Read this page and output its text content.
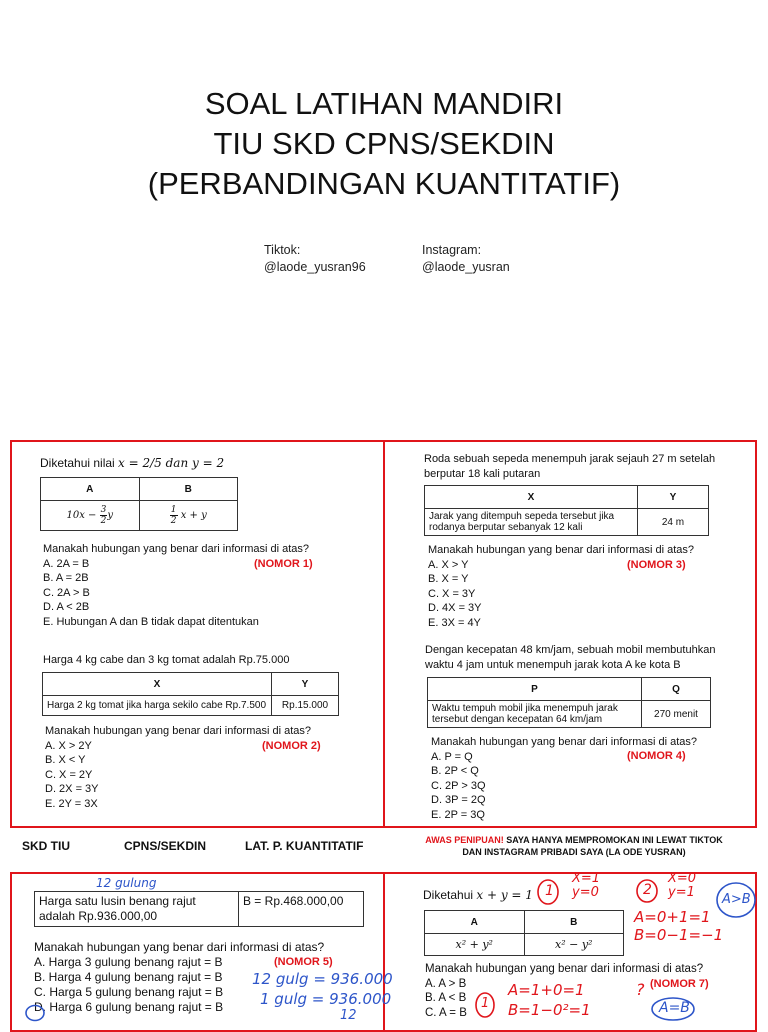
SOAL LATIHAN MANDIRI
TIU SKD CPNS/SEKDIN
(PERBANDINGAN KUANTITATIF)
Tiktok:
@laode_yusran96
Instagram:
@laode_yusran
Diketahui nilai x = 2/5 dan y = 2
A	B
$10x - \frac{3}{2}$ y	$\frac{1}{2}$ x + y
Manakah hubungan yang benar dari informasi di atas?
A. 2A = B
B. A = 2B
C. 2A > B
D. A < 2B
E. Hubungan A dan B tidak dapat ditentukan
(NOMOR 1)
Harga 4 kg cabe dan 3 kg tomat adalah Rp.75.000
X	Y
Harga 2 kg tomat jika harga sekilo cabe Rp.7.500	Rp.15.000
Manakah hubungan yang benar dari informasi di atas?
A. X > 2Y
B. X < Y
C. X = 2Y
D. 2X = 3Y
E. 2Y = 3X
(NOMOR 2)
Roda sebuah sepeda menempuh jarak sejauh 27 m setelah
berputar 18 kali putaran
X	Y

Jarak yang ditempuh sepeda tersebut jika
rodanya berputar sebanyak 12 kali	24 m
Manakah hubungan yang benar dari informasi di atas?
A. X > Y
B. X = Y
C. X = 3Y
D. 4X = 3Y
E. 3X = 4Y
(NOMOR 3)
Dengan kecepatan 48 km/jam, sebuah mobil membutuhkan
waktu 4 jam untuk menempuh jarak kota A ke kota B
P	Q

Waktu tempuh mobil jika menempuh jarak
tersebut dengan kecepatan 64 km/jam	270 menit
Manakah hubungan yang benar dari informasi di atas?
A. P = Q
B. 2P < Q
C. 2P > 3Q
D. 3P = 2Q
E. 2P = 3Q
(NOMOR 4)
SKD TIU	CPNS/SEKDIN	LAT. P. KUANTITATIF	AWAS PENIPUAN! SAYA HANYA MEMPROMOKAN INI LEWAT TIKTOK
DAN INSTAGRAM PRIBADI SAYA (LA ODE YUSRAN)
Harga satu lusin benang rajut
adalah Rp.936.000,00
	B = Rp.468.000,00
Manakah hubungan yang benar dari informasi di atas?
A. Harga 3 gulung benang rajut = B
B. Harga 4 gulung benang rajut = B
C. Harga 5 gulung benang rajut = B
D. Harga 6 gulung benang rajut = B
(NOMOR 5)
12 gulung
12 gulg = 936.000
1 gulg = 936.000
12
Diketahui x + y = 1
A	B
x² + y²	x² − y²
Manakah hubungan yang benar dari informasi di atas?
A. A > B
B. A < B
C. A = B
(NOMOR 7)
1
X=1
y=0	2
X=0
y=1 A>B
A=0+1=1
B=0−1=−1
1
A=1+0=1
B=1−0²=1
?
A=B
